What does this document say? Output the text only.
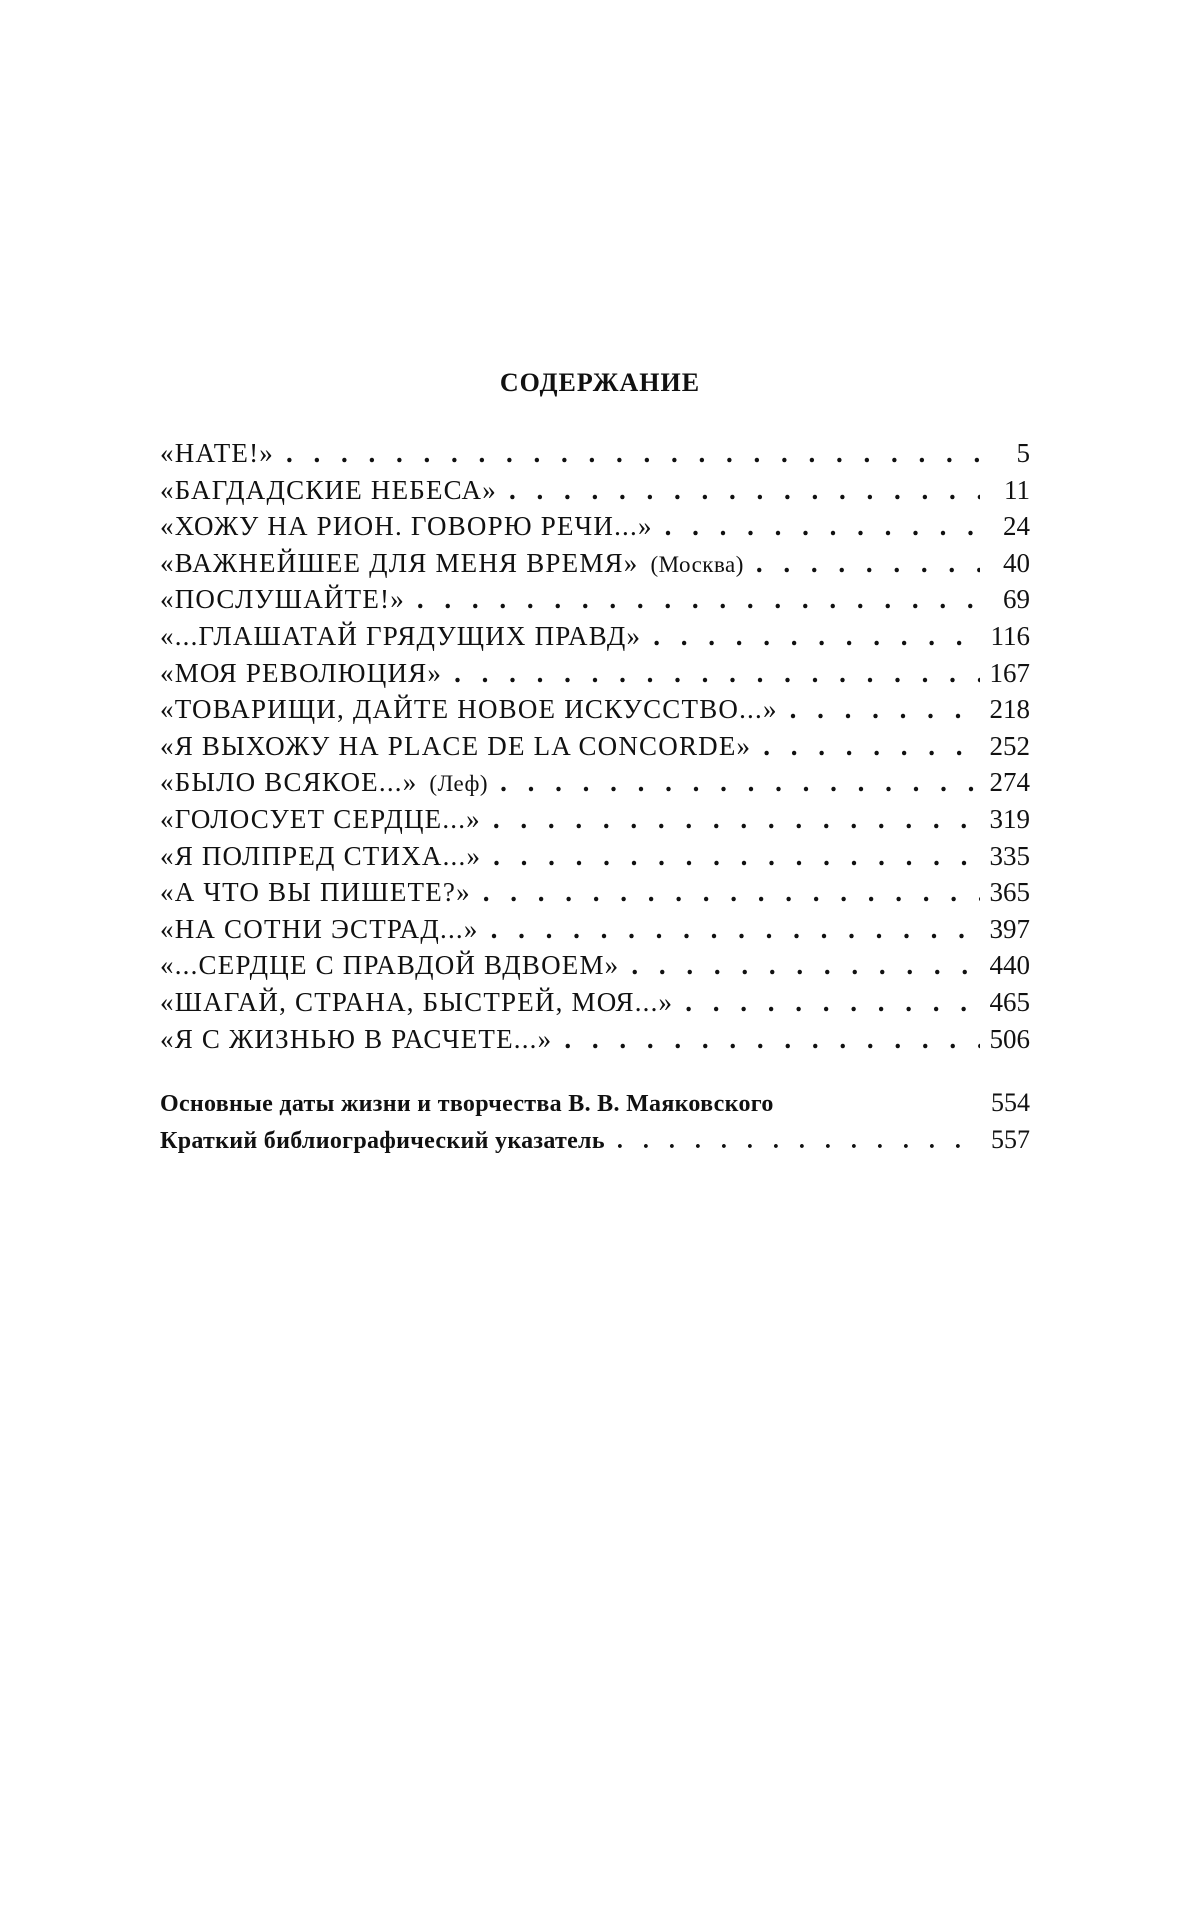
СОДЕРЖАНИЕ
«НАТЕ!» . . .	5
«БАГДАДСКИЕ НЕБЕСА» . . .	11
«ХОЖУ НА РИОН. ГОВОРЮ РЕЧИ...» . . .	24
«ВАЖНЕЙШЕЕ ДЛЯ МЕНЯ ВРЕМЯ» (Москва) . . .	40
«ПОСЛУШАЙТЕ!» . . .	69
«...ГЛАШАТАЙ ГРЯДУЩИХ ПРАВД» . . .	116
«МОЯ РЕВОЛЮЦИЯ» . . .	167
«ТОВАРИЩИ, ДАЙТЕ НОВОЕ ИСКУССТВО...» . . .	218
«Я ВЫХОЖУ НА PLACE DE LA CONCORDE» . . .	252
«БЫЛО ВСЯКОЕ...» (Леф) . . .	274
«ГОЛОСУЕТ СЕРДЦЕ...» . . .	319
«Я ПОЛПРЕД СТИХА...» . . .	335
«А ЧТО ВЫ ПИШЕТЕ?» . . .	365
«НА СОТНИ ЭСТРАД...» . . .	397
«...СЕРДЦЕ С ПРАВДОЙ ВДВОЕМ» . . .	440
«ШАГАЙ, СТРАНА, БЫСТРЕЙ, МОЯ...» . . .	465
«Я С ЖИЗНЬЮ В РАСЧЕТЕ...» . . .	506
Основные даты жизни и творчества В. В. Маяковского	554
Краткий библиографический указатель . . .	557
